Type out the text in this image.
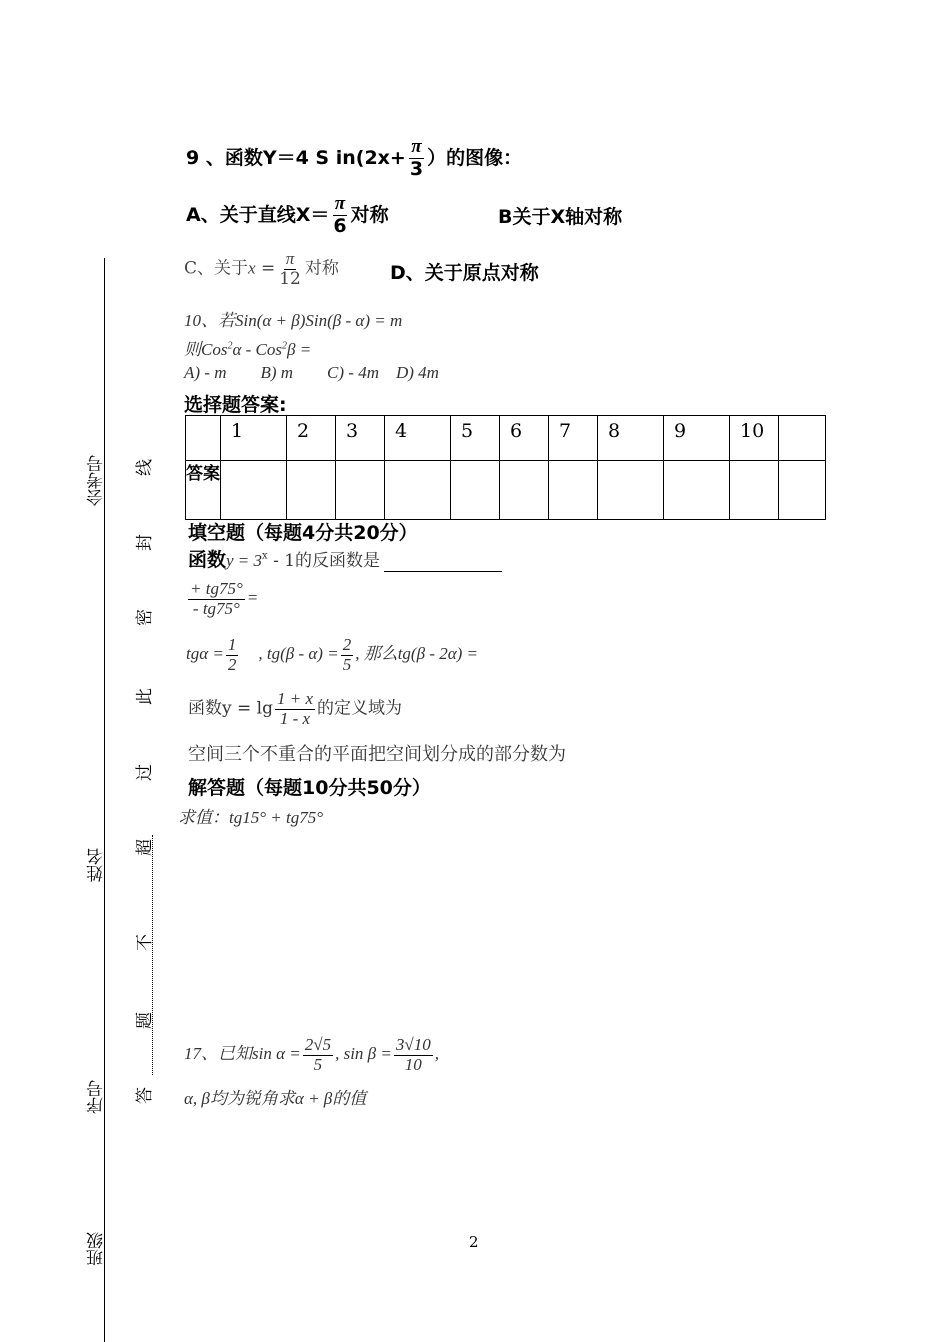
会考号
姓名
序号
班级
线
封
密
此
过
超
不
题
答
9 、函数Y＝4 S $in(2x+ \frac{\pi}{3}$ ）的图像：
A、关于直线$X= \frac{\pi}{6}$ 对称	B关于X轴对称
C、关于$x = \frac{\pi}{12}$ 对称	D、关于原点对称
10、若Sin(α + β)Sin(β - α) = m
则Cos$^2$α - Cos$^2$β =
A) - m        B) m        C) - 4m    D) 4m
选择题答案:
	1	2	3	4	5	6	7	8	9	10	
答案											
填空题（每题4分共20分）
函数$y = 3^x - 1$的反函数是
$\frac{+ tg75^\circ}{- tg75^\circ}$ =
$tg\alpha = \frac{1}{2}$ , $tg(\beta - \alpha) = \frac{2}{5}$ , 那么tg(β - 2α) =
函数$y = \lg \frac{1 + x}{1 - x}$ 的定义域为
空间三个不重合的平面把空间划分成的部分数为
解答题（每题10分共50分）
求值：tg15° + tg75°
17、已知$\sin \alpha = \frac{2√5}{5}$ , $\sin \beta = \frac{3√10}{10}$ ,
α, β均为锐角求α + β的值
2
